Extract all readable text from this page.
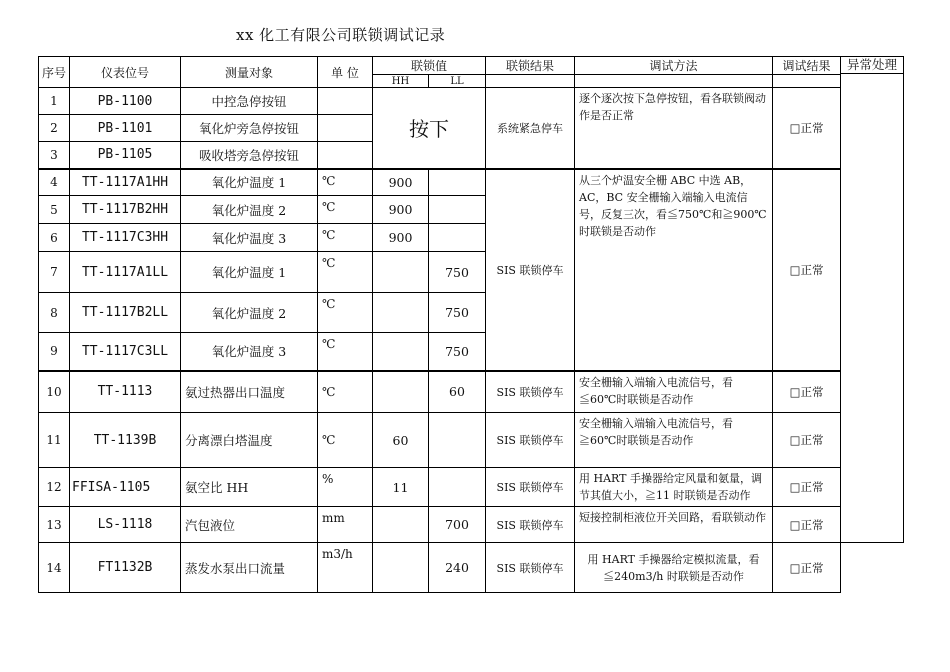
xx 化工有限公司联锁调试记录
序号	仪表位号	测量对象	单 位	联锁值		联锁结果	调试方法	调试结果	异常处理

				HH	LL				
1	PB-1100	中控急停按钮		按下		系统紧急停车	逐个逐次按下急停按钮，看各联锁阀动作是否正常	□ 正常
2	PB-1101	氧化炉旁急停按钮							
3	PB-1105	吸收塔旁急停按钮							
4	TT-1117A1HH	氧化炉温度 1	℃	900		SIS 联锁停车	从三个炉温安全栅 ABC 中选 AB，AC，BC 安全栅输入端输入电流信号，反复三次，看≦750℃和≧900℃时联锁是否动作	□ 正常
5	TT-1117B2HH	氧化炉温度 2	℃	900					
6	TT-1117C3HH	氧化炉温度 3	℃	900					
7	TT-1117A1LL	氧化炉温度 1	℃		750				
8	TT-1117B2LL	氧化炉温度 2	℃		750				
9	TT-1117C3LL	氧化炉温度 3	℃		750				
10	TT-1113	氨过热器出口温度	℃		60	SIS 联锁停车	安全栅输入端输入电流信号，看≦60℃时联锁是否动作	□ 正常
11	TT-1139B	分离漂白塔温度	℃	60		SIS 联锁停车	安全栅输入端输入电流信号，看≧60℃时联锁是否动作	□正常
12	FFISA-1105	氨空比 HH	%	11		SIS 联锁停车	用 HART 手操器给定风量和氨量，调节其值大小，≧11 时联锁是否动作	□ 正常
13	LS-1118	汽包液位	mm		700	SIS 联锁停车	短接控制柜液位开关回路，看联锁动作	□正常
14	FT1132B	蒸发水泵出口流量	m3/h		240	SIS 联锁停车	用 HART 手操器给定模拟流量，看≦240m3/h 时联锁是否动作	□ 正常
